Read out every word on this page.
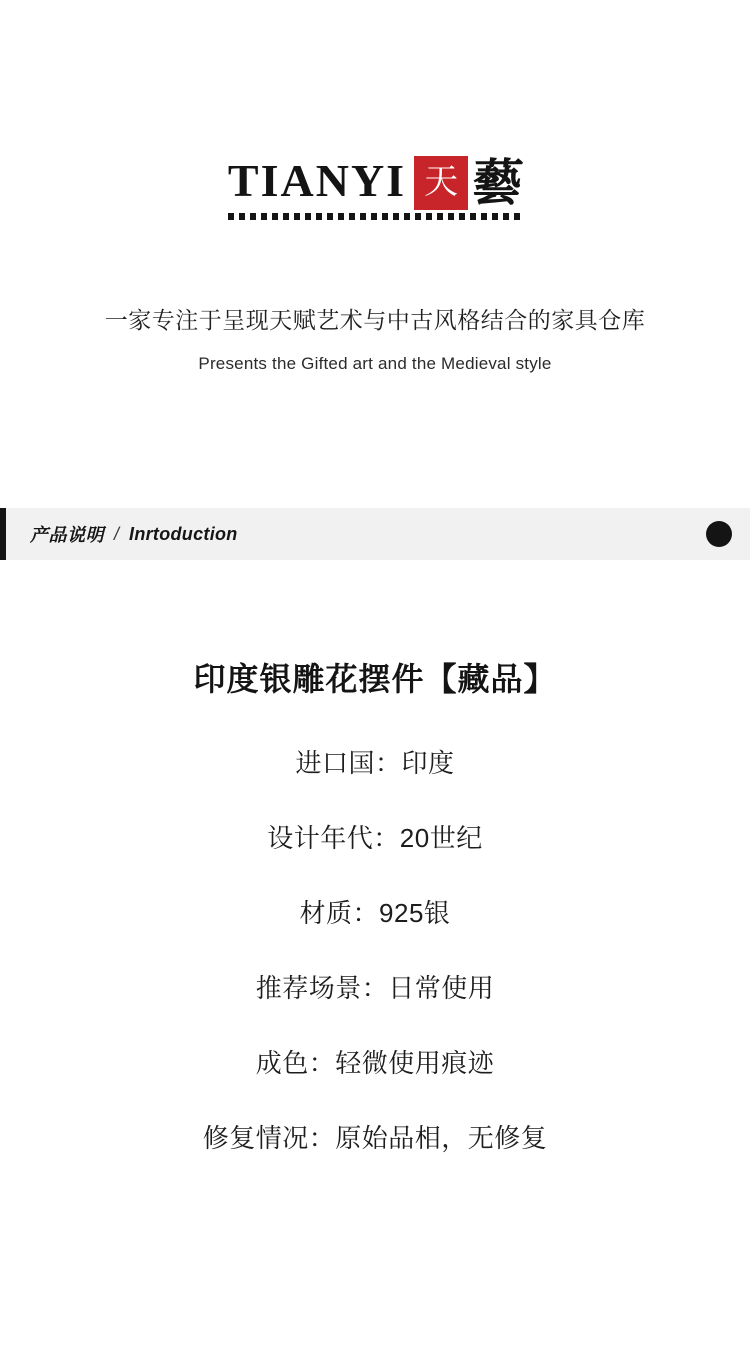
TIANYI 天 藝
一家专注于呈现天赋艺术与中古风格结合的家具仓库
Presents the Gifted art and the Medieval style
产品说明 / Inrtoduction
印度银雕花摆件【藏品】
进口国：印度
设计年代：20世纪
材质：925银
推荐场景：日常使用
成色：轻微使用痕迹
修复情况：原始品相，无修复
